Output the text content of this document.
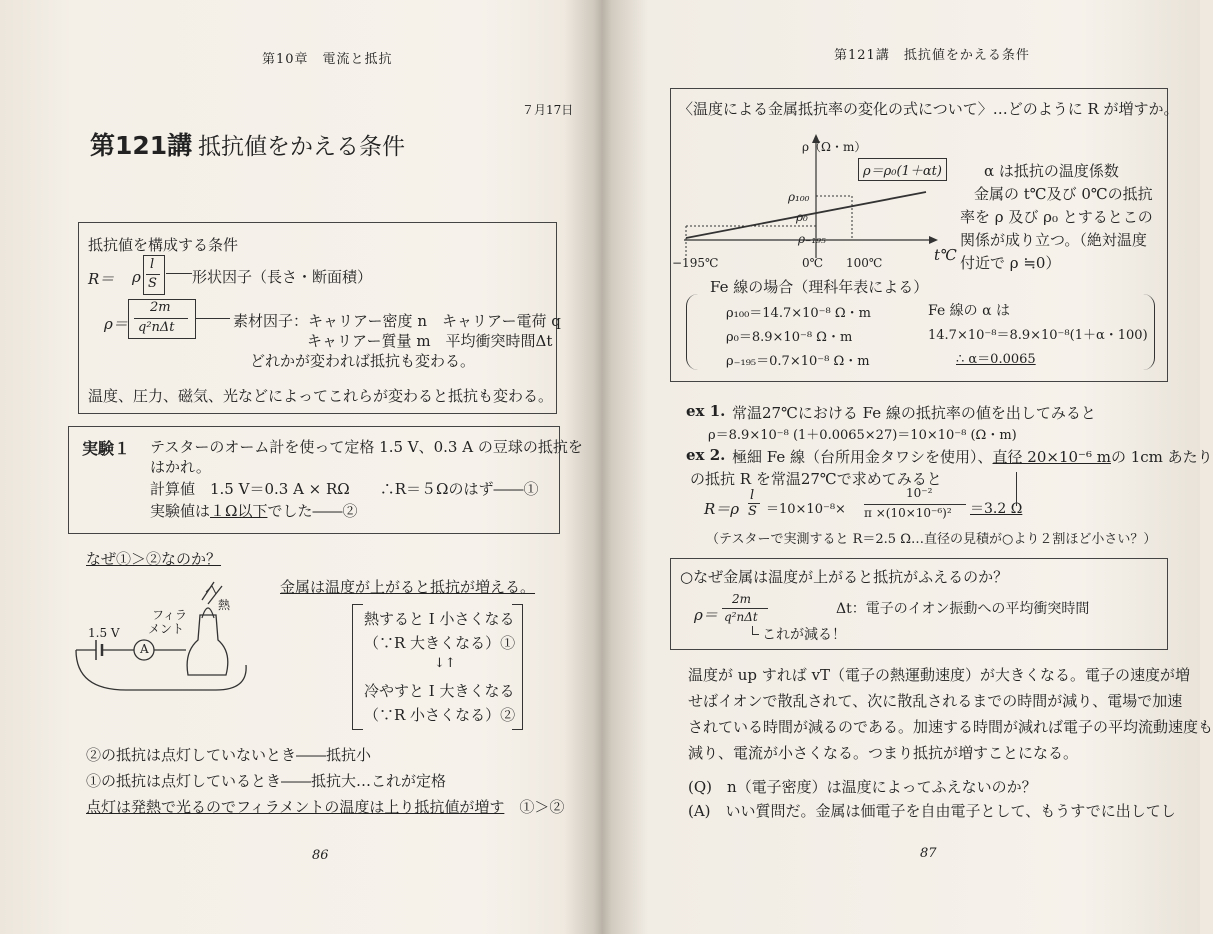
第10章　電流と抵抗
７月17日
第121講 抵抗値をかえる条件
抵抗値を構成する条件
R＝ ρ
l
S 形状因子（長さ・断面積）
ρ＝
2m
q²nΔt	素材因子：キャリアー密度 n　キャリアー電荷 q
キャリアー質量 m　平均衝突時間Δt
どれかが変われば抵抗も変わる。
温度、圧力、磁気、光などによってこれらが変わると抵抗も変わる。
実験１ テスターのオーム計を使って定格 1.5 V、0.3 A の豆球の抵抗を
はかれ。
計算値　1.5 V＝0.3 A × RΩ　　∴R＝５Ωのはず――①
実験値は１Ω以下でした――②
なぜ①＞②なのか？
金属は温度が上がると抵抗が増える。
熱
フィラ
メント
1.5 V
A
熱すると I 小さくなる
（∵R 大きくなる）①
↓↑
冷やすと I 大きくなる
（∵R 小さくなる）②
②の抵抗は点灯していないとき――抵抗小
①の抵抗は点灯しているとき――抵抗大…これが定格
点灯は発熱で光るのでフィラメントの温度は上り抵抗値が増す　 ①＞②
86
第121講　抵抗値をかえる条件
〈温度による金属抵抗率の変化の式について〉…どのように R が増すか。
ρ（Ω・m）
ρ＝ρ₀(1＋αt)
ρ₁₀₀
ρ₀
ρ₋₁₉₅
−195℃	0℃ 100℃	t℃
α は抵抗の温度係数
金属の t℃及び 0℃の抵抗
率を ρ 及び ρ₀ とするとこの
関係が成り立つ。（絶対温度
付近で ρ ≒0）
Fe 線の場合（理科年表による）
ρ₁₀₀＝14.7×10⁻⁸ Ω・m
ρ₀＝8.9×10⁻⁸ Ω・m
ρ₋₁₉₅＝0.7×10⁻⁸ Ω・m
Fe 線の α は
14.7×10⁻⁸＝8.9×10⁻⁸(1＋α・100)
∴ α＝0.0065
ex 1. 常温27℃における Fe 線の抵抗率の値を出してみると
ρ＝8.9×10⁻⁸ (1＋0.0065×27)＝10×10⁻⁸ (Ω・m)
ex 2. 極細 Fe 線（台所用金タワシを使用）、直径 20×10⁻⁶ mの 1cm あたり
の抵抗 R を常温27℃で求めてみると
R＝ρ
l
S ＝10×10⁻⁸×
10⁻²
π ×(10×10⁻⁶)² ＝3.2 Ω
（テスターで実測すると R＝2.5 Ω…直径の見積が○より２割ほど小さい？）
○なぜ金属は温度が上がると抵抗がふえるのか？
ρ＝
2m
q²nΔt	Δt：電子のイオン振動への平均衝突時間
これが減る！
温度が up すれば vT（電子の熱運動速度）が大きくなる。電子の速度が増
せばイオンで散乱されて、次に散乱されるまでの時間が減り、電場で加速
されている時間が減るのである。加速する時間が減れば電子の平均流動速度も
減り、電流が小さくなる。つまり抵抗が増すことになる。
(Q)　n（電子密度）は温度によってふえないのか？
(A)　いい質問だ。金属は価電子を自由電子として、もうすでに出してし
87
